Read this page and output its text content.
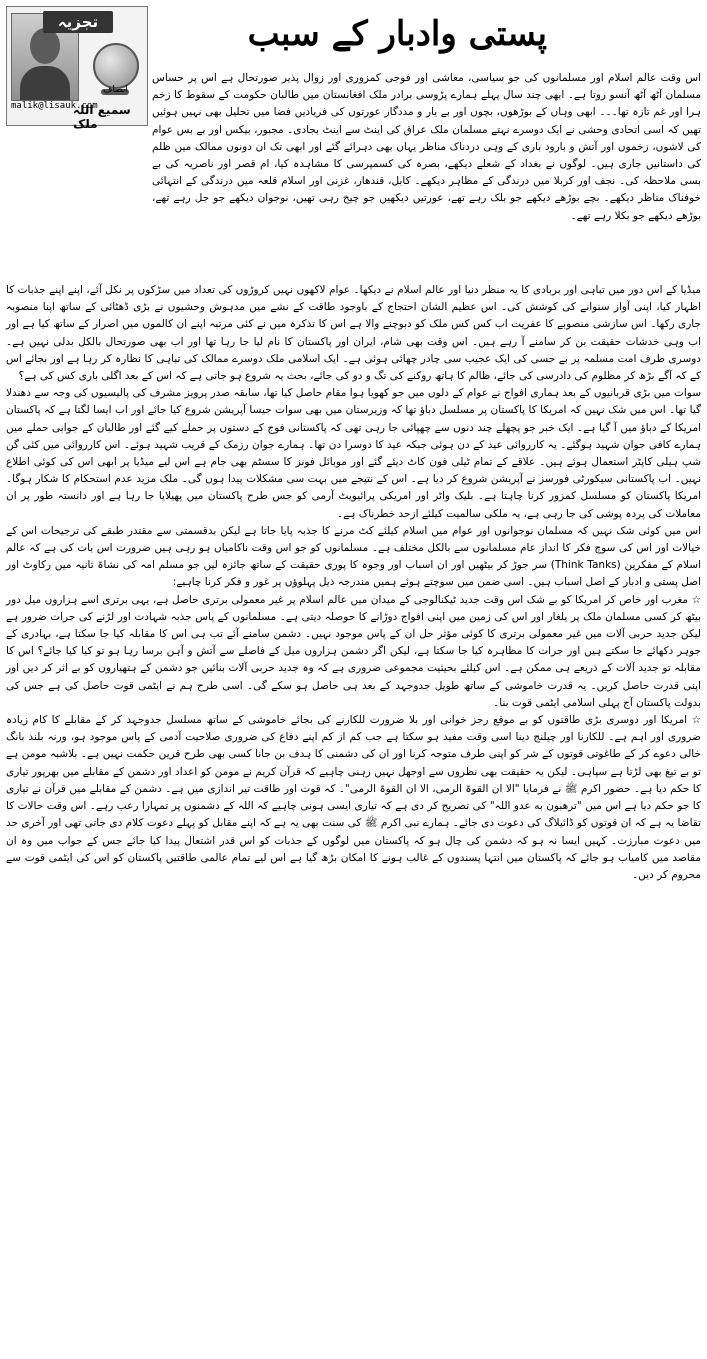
تجزیہ
انصاف
malik@lisauk.com
سمیع اللہ ملک
پستی وادبار کے سبب

اس وقت عالم اسلام اور مسلمانوں کی جو سیاسی، معاشی اور فوجی کمزوری اور زوال پذیر صورتحال ہے اس پر حساس مسلمان آٹھ آٹھ آنسو روتا ہے۔ ابھی چند سال پہلے ہمارے پڑوسی برادر ملک افغانستان میں طالبان حکومت کے سقوط کا زخم ہرا اور غم تازہ تھا۔۔۔ ابھی وہاں کے بوڑھوں، بچوں اور بے یار و مددگار عورتوں کی فریادیں فضا میں تحلیل بھی نہیں ہوئیں تھیں کہ اسی اتحادی وحشی نے ایک دوسرے نہتے مسلمان ملک عراق کی اینٹ سے اینٹ بجادی۔ مجبور، بیکس اور بے بس عوام کی لاشوں، زخموں اور آتش و بارود باری کے وہی دردناک مناظر یہاں بھی دہرائے گئے اور ابھی تک ان دونوں ممالک میں ظلم کی داستانیں جاری ہیں۔ لوگوں نے بغداد کے شعلے دیکھے، بصرہ کی کسمپرسی کا مشاہدہ کیا، ام قصر اور ناصریہ کی بے بسی ملاحظہ کی۔ نجف اور کربلا میں درندگی کے مظاہر دیکھے۔ کابل، قندھار، غزنی اور اسلام قلعہ میں درندگی کے انتہائی خوفناک مناظر دیکھے۔ بچے بوڑھے دیکھے جو بلک رہے تھے، عورتیں دیکھیں جو چیخ رہی تھیں، نوجوان دیکھے جو جل رہے تھے، بوڑھے دیکھے جو بکلا رہے تھے۔

میڈیا کے اس دور میں تباہی اور بربادی کا یہ منظر دنیا اور عالم اسلام نے دیکھا۔ عوام لاکھوں نہیں کروڑوں کی تعداد میں سڑکوں پر نکل آئے، اپنے اپنے جذبات کا اظہار کیا، اپنی آواز سنوانے کی کوشش کی۔ اس عظیم الشان احتجاج کے باوجود طاقت کے نشے میں مدہوش وحشیوں نے بڑی ڈھٹائی کے ساتھ اپنا منصوبہ جاری رکھا۔ اس سازشی منصوبے کا عفریت اب کس کس ملک کو دبوچنے والا ہے اس کا تذکرہ میں نے کئی مرتبہ اپنے ان کالموں میں اصرار کے ساتھ کیا ہے اور اب وہی خدشات حقیقت بن کر سامنے آ رہے ہیں۔ اس وقت بھی شام، ایران اور پاکستان کا نام لیا جا رہا تھا اور اب بھی صورتحال بالکل بدلی نہیں ہے۔ دوسری طرف امت مسلمہ پر بے حسی کی ایک عجیب سی چادر چھائی ہوئی ہے۔ ایک اسلامی ملک دوسرے ممالک کی تباہی کا نظارہ کر رہا ہے اور بجائے اس کے کہ آگے بڑھ کر مظلوم کی دادرسی کی جائے، ظالم کا ہاتھ روکنے کی تگ و دو کی جائے، بحث یہ شروع ہو جاتی ہے کہ اس کے بعد اگلی باری کس کی ہے؟

سوات میں بڑی قربانیوں کے بعد ہماری افواج نے عوام کے دلوں میں جو کھویا ہوا مقام حاصل کیا تھا، سابقہ صدر پرویز مشرف کی پالیسیوں کی وجہ سے دھندلا گیا تھا۔ اس میں شک نہیں کہ امریکا کا پاکستان پر مسلسل دباؤ تھا کہ وزیرستان میں بھی سوات جیسا آپریشن شروع کیا جائے اور اب ایسا لگتا ہے کہ پاکستان امریکا کے دباؤ میں آ گیا ہے۔ ایک خبر جو پچھلے چند دنوں سے چھپائی جا رہی تھی کہ پاکستانی فوج کے دستوں پر حملے کیے گئے اور طالبان کے جوابی حملے میں ہمارے کافی جوان شہید ہوگئے۔ یہ کارروائی عید کے دن ہوئی جبکہ عید کا دوسرا دن تھا۔ ہمارے جوان رزمک کے قریب شہید ہوئے۔ اس کارروائی میں کئی گن شپ ہیلی کاپٹر استعمال ہوئے ہیں۔ علاقے کے تمام ٹیلی فون کاٹ دیئے گئے اور موبائل فونز کا سسٹم بھی جام ہے اس لیے میڈیا پر ابھی اس کی کوئی اطلاع نہیں۔ اب پاکستانی سیکورٹی فورسز نے آپریشن شروع کر دیا ہے۔ اس کے نتیجے میں بہت سی مشکلات پیدا ہوں گی۔ ملک مزید عدم استحکام کا شکار ہوگا۔ امریکا پاکستان کو مسلسل کمزور کرنا چاہتا ہے۔ بلیک واٹر اور امریکی پرائیویٹ آرمی کو جس طرح پاکستان میں پھیلایا جا رہا ہے اور دانستہ طور پر ان معاملات کی پردہ پوشی کی جا رہی ہے، یہ ملکی سالمیت کیلئے ازحد خطرناک ہے۔

اس میں کوئی شک نہیں کہ مسلمان نوجوانوں اور عوام میں اسلام کیلئے کٹ مرنے کا جذبہ پایا جاتا ہے لیکن بدقسمتی سے مقتدر طبقے کی ترجیحات اس کے خیالات اور اس کی سوچ فکر کا انداز عام مسلمانوں سے بالکل مختلف ہے۔ مسلمانوں کو جو اس وقت ناکامیاں ہو رہی ہیں ضرورت اس بات کی ہے کہ عالم اسلام کے مفکرین (Think Tanks) سر جوڑ کر بیٹھیں اور ان اسباب اور وجوہ کا پوری حقیقت کے ساتھ جائزہ لیں جو مسلم امہ کی نشاۃ ثانیہ میں رکاوٹ اور اصل پستی و ادبار کے اصل اسباب ہیں۔ اسی ضمن میں سوچتے ہوئے ہمیں مندرجہ ذیل پہلوؤں پر غور و فکر کرنا چاہیے:

☆ مغرب اور خاص کر امریکا کو بے شک اس وقت جدید ٹیکنالوجی کے میدان میں عالم اسلام پر غیر معمولی برتری حاصل ہے، یہی برتری اسے ہزاروں میل دور بیٹھ کر کسی مسلمان ملک پر یلغار اور اس کی زمین میں اپنی افواج دوڑانے کا حوصلہ دیتی ہے۔ مسلمانوں کے پاس جذبہ شہادت اور لڑنے کی جرات ضرور ہے لیکن جدید حربی آلات میں غیر معمولی برتری کا کوئی مؤثر حل ان کے پاس موجود نہیں۔ دشمن سامنے آئے تب ہی اس کا مقابلہ کیا جا سکتا ہے، بہادری کے جوہر دکھائے جا سکتے ہیں اور جرات کا مظاہرہ کیا جا سکتا ہے، لیکن اگر دشمن ہزاروں میل کے فاصلے سے آتش و آہن برسا رہا ہو تو کیا کیا جائے؟ اس کا مقابلہ تو جدید آلات کے ذریعے ہی ممکن ہے۔ اس کیلئے بحیثیت مجموعی ضروری ہے کہ وہ جدید حربی آلات بنائیں جو دشمن کے ہتھیاروں کو بے اثر کر دیں اور اپنی قدرت حاصل کریں۔ یہ قدرت خاموشی کے ساتھ طویل جدوجہد کے بعد ہی حاصل ہو سکے گی۔ اسی طرح ہم نے ایٹمی قوت حاصل کی ہے جس کی بدولت پاکستان آج پہلی اسلامی ایٹمی قوت بنا۔

☆ امریکا اور دوسری بڑی طاقتوں کو بے موقع رجز خوانی اور بلا ضرورت للکارنے کی بجائے خاموشی کے ساتھ مسلسل جدوجہد کر کے مقابلے کا کام زیادہ ضروری اور اہم ہے۔ للکارنا اور چیلنج دینا اسی وقت مفید ہو سکتا ہے جب کم از کم اپنے دفاع کی ضروری صلاحیت آدمی کے پاس موجود ہو، ورنہ بلند بانگ خالی دعوے کر کے طاغوتی قوتوں کے شر کو اپنی طرف متوجہ کرنا اور ان کی دشمنی کا ہدف بن جانا کسی بھی طرح قرین حکمت نہیں ہے۔ بلاشبہ مومن ہے تو بے تیغ بھی لڑتا ہے سپاہی۔ لیکن یہ حقیقت بھی نظروں سے اوجھل نہیں رہنی چاہیے کہ قرآن کریم نے مومن کو اعداد اور دشمن کے مقابلے میں بھرپور تیاری کا حکم دیا ہے۔ حضور اکرم ﷺ نے فرمایا "الا ان القوۃ الرمی، الا ان القوۃ الرمی"۔ کہ قوت اور طاقت تیر اندازی میں ہے۔ دشمن کے مقابلے میں قرآن نے تیاری کا جو حکم دیا ہے اس میں "ترھبون به عدو اللہ" کی تصریح کر دی ہے کہ تیاری ایسی ہونی چاہیے کہ اللہ کے دشمنوں پر تمہارا رعب رہے۔ اس وقت حالات کا تقاضا یہ ہے کہ ان قوتوں کو ڈائیلاگ کی دعوت دی جائے۔ ہمارے نبی اکرم ﷺ کی سنت بھی یہ ہے کہ اپنے مقابل کو پہلے دعوت کلام دی جاتی تھی اور آخری حد میں دعوت مبارزت۔ کہیں ایسا نہ ہو کہ دشمن کی چال ہو کہ پاکستان میں لوگوں کے جذبات کو اس قدر اشتعال پیدا کیا جائے جس کے جواب میں وہ ان مقاصد میں کامیاب ہو جائے کہ پاکستان میں انتہا پسندوں کے غالب ہونے کا امکان بڑھ گیا ہے اس لیے تمام عالمی طاقتیں پاکستان کو اس کی ایٹمی قوت سے محروم کر دیں۔
